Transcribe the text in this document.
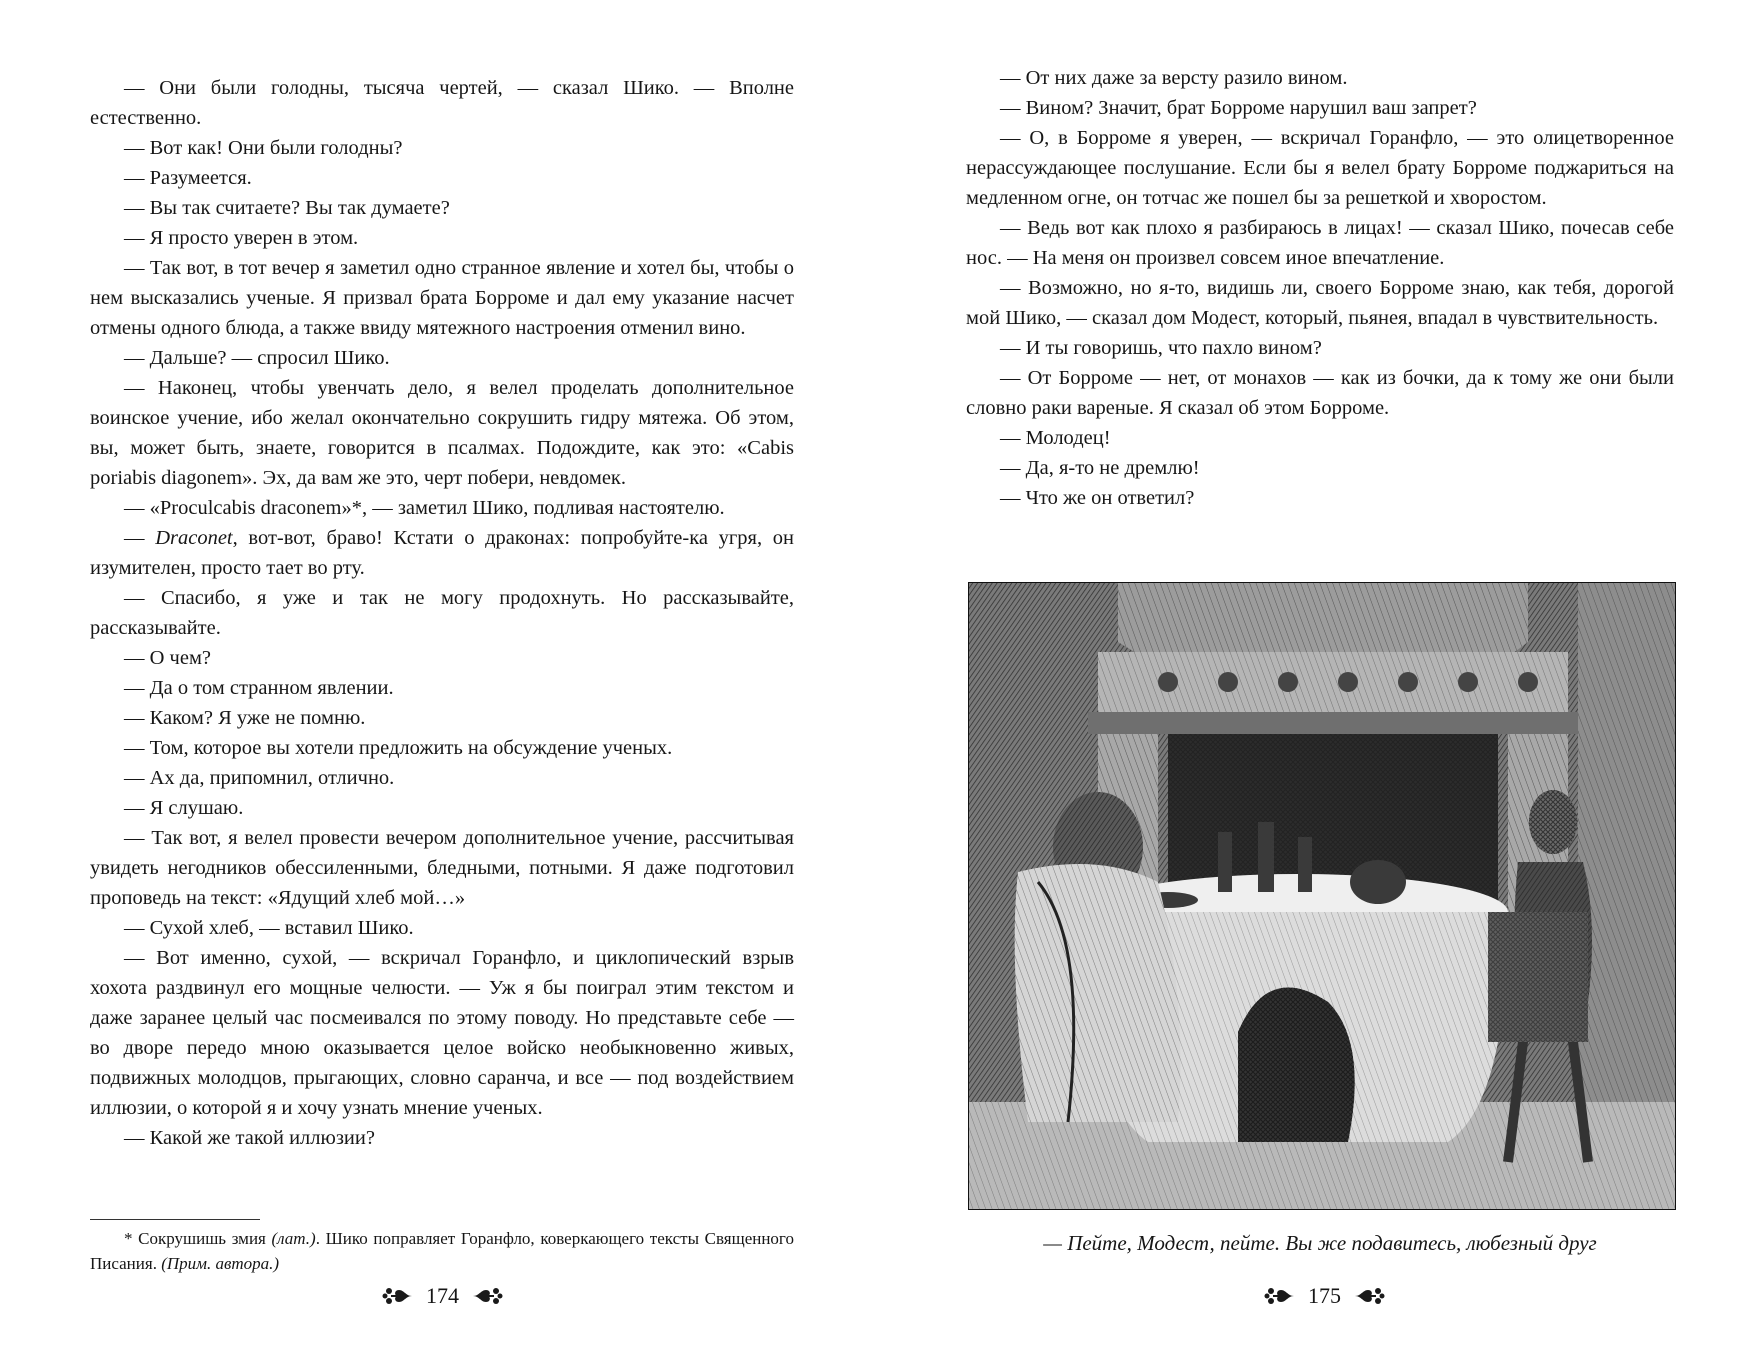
— Они были голодны, тысяча чертей, — сказал Шико. — Вполне естественно.

— Вот как! Они были голодны?

— Разумеется.

— Вы так считаете? Вы так думаете?

— Я просто уверен в этом.

— Так вот, в тот вечер я заметил одно странное явление и хотел бы, чтобы о нем высказались ученые. Я призвал брата Борроме и дал ему указание насчет отмены одного блюда, а также ввиду мятежного настроения отменил вино.

— Дальше? — спросил Шико.

— Наконец, чтобы увенчать дело, я велел проделать дополнительное воинское учение, ибо желал окончательно сокрушить гидру мятежа. Об этом, вы, может быть, знаете, говорится в псалмах. Подождите, как это: «Cabis poriabis diagonem». Эх, да вам же это, черт побери, невдомек.

— «Proculcabis draconem»*, — заметил Шико, подливая настоятелю.

— Draconet, вот-вот, браво! Кстати о драконах: попробуйте-ка угря, он изумителен, просто тает во рту.

— Спасибо, я уже и так не могу продохнуть. Но рассказывайте, рассказывайте.

— О чем?

— Да о том странном явлении.

— Каком? Я уже не помню.

— Том, которое вы хотели предложить на обсуждение ученых.

— Ах да, припомнил, отлично.

— Я слушаю.

— Так вот, я велел провести вечером дополнительное учение, рассчитывая увидеть негодников обессиленными, бледными, потными. Я даже подготовил проповедь на текст: «Ядущий хлеб мой…»

— Сухой хлеб, — вставил Шико.

— Вот именно, сухой, — вскричал Горанфло, и циклопический взрыв хохота раздвинул его мощные челюсти. — Уж я бы поиграл этим текстом и даже заранее целый час посмеивался по этому поводу. Но представьте себе — во дворе передо мною оказывается целое войско необыкновенно живых, подвижных молодцов, прыгающих, словно саранча, и все — под воздействием иллюзии, о которой я и хочу узнать мнение ученых.

— Какой же такой иллюзии?

* Сокрушишь змия (лат.). Шико поправляет Горанфло, коверкающего тексты Священного Писания. (Прим. автора.)

174

— От них даже за версту разило вином.

— Вином? Значит, брат Борроме нарушил ваш запрет?

— О, в Борроме я уверен, — вскричал Горанфло, — это олицетворенное нерассуждающее послушание. Если бы я велел брату Борроме поджариться на медленном огне, он тотчас же пошел бы за решеткой и хворостом.

— Ведь вот как плохо я разбираюсь в лицах! — сказал Шико, почесав себе нос. — На меня он произвел совсем иное впечатление.

— Возможно, но я-то, видишь ли, своего Борроме знаю, как тебя, дорогой мой Шико, — сказал дом Модест, который, пьянея, впадал в чувствительность.

— И ты говоришь, что пахло вином?

— От Борроме — нет, от монахов — как из бочки, да к тому же они были словно раки вареные. Я сказал об этом Борроме.

— Молодец!

— Да, я-то не дремлю!

— Что же он ответил?

— Пейте, Модест, пейте. Вы же подавитесь, любезный друг
175
